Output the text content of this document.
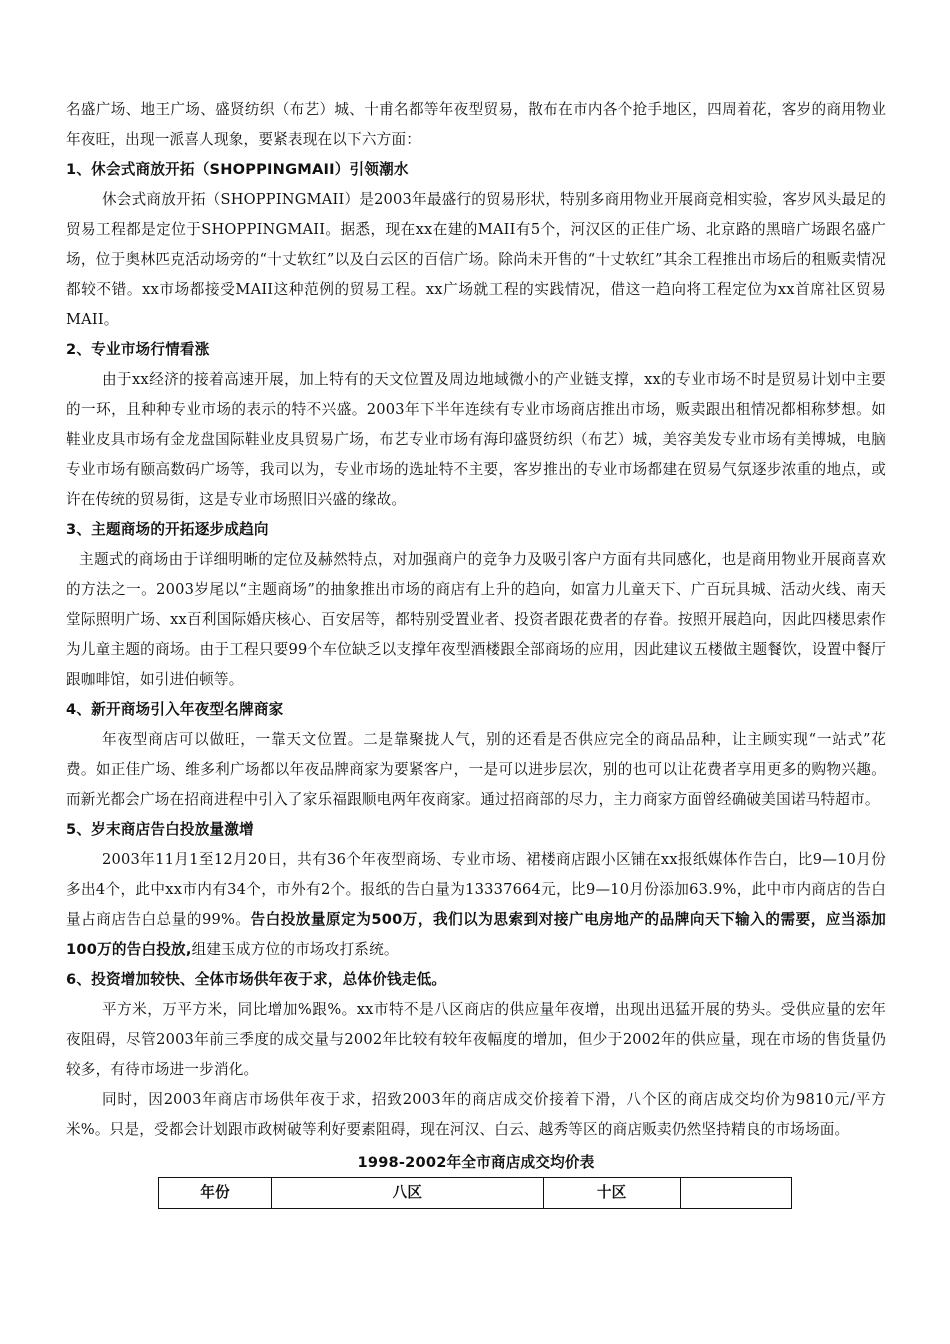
名盛广场、地王广场、盛贤纺织（布艺）城、十甫名都等年夜型贸易，散布在市内各个抢手地区，四周着花，客岁的商用物业年夜旺，出现一派喜人现象，要紧表现在以下六方面：

1、休会式商放开拓（SHOPPINGMAII）引领潮水

休会式商放开拓（SHOPPINGMAII）是2003年最盛行的贸易形状，特别多商用物业开展商竞相实验，客岁风头最足的贸易工程都是定位于SHOPPINGMAII。据悉，现在xx在建的MAII有5个，河汉区的正佳广场、北京路的黑暗广场跟名盛广场，位于奥林匹克活动场旁的“十丈软红”以及白云区的百信广场。除尚未开售的“十丈软红”其余工程推出市场后的租贩卖情况都较不错。xx市场都接受MAII这种范例的贸易工程。xx广场就工程的实践情况，借这一趋向将工程定位为xx首席社区贸易MAII。

2、专业市场行情看涨

由于xx经济的接着高速开展，加上特有的天文位置及周边地域微小的产业链支撑，xx的专业市场不时是贸易计划中主要的一环，且种种专业市场的表示的特不兴盛。2003年下半年连续有专业市场商店推出市场，贩卖跟出租情况都相称梦想。如鞋业皮具市场有金龙盘国际鞋业皮具贸易广场，布艺专业市场有海印盛贤纺织（布艺）城，美容美发专业市场有美博城，电脑专业市场有颐高数码广场等，我司以为，专业市场的选址特不主要，客岁推出的专业市场都建在贸易气氛逐步浓重的地点，或许在传统的贸易街，这是专业市场照旧兴盛的缘故。

3、主题商场的开拓逐步成趋向

主题式的商场由于详细明晰的定位及赫然特点，对加强商户的竞争力及吸引客户方面有共同感化，也是商用物业开展商喜欢的方法之一。2003岁尾以“主题商场”的抽象推出市场的商店有上升的趋向，如富力儿童天下、广百玩具城、活动火线、南天堂际照明广场、xx百利国际婚庆核心、百安居等，都特别受置业者、投资者跟花费者的存眷。按照开展趋向，因此四楼思索作为儿童主题的商场。由于工程只要99个车位缺乏以支撑年夜型酒楼跟全部商场的应用，因此建议五楼做主题餐饮，设置中餐厅跟咖啡馆，如引进伯顿等。

4、新开商场引入年夜型名牌商家

年夜型商店可以做旺，一靠天文位置。二是靠聚拢人气，别的还看是否供应完全的商品品种，让主顾实现“一站式”花费。如正佳广场、维多利广场都以年夜品牌商家为要紧客户，一是可以进步层次，别的也可以让花费者享用更多的购物兴趣。而新光都会广场在招商进程中引入了家乐福跟顺电两年夜商家。通过招商部的尽力，主力商家方面曾经确破美国诺马特超市。

5、岁末商店告白投放量激增

2003年11月1至12月20日，共有36个年夜型商场、专业市场、裙楼商店跟小区铺在xx报纸媒体作告白，比9—10月份多出4个，此中xx市内有34个，市外有2个。报纸的告白量为13337664元，比9—10月份添加63.9%，此中市内商店的告白量占商店告白总量的99%。告白投放量原定为500万，我们以为思索到对接广电房地产的品牌向天下输入的需要，应当添加100万的告白投放,组建玉成方位的市场攻打系统。

6、投资增加较快、全体市场供年夜于求，总体价钱走低。

平方米，万平方米，同比增加%跟%。xx市特不是八区商店的供应量年夜增，出现出迅猛开展的势头。受供应量的宏年夜阻碍，尽管2003年前三季度的成交量与2002年比较有较年夜幅度的增加，但少于2002年的供应量，现在市场的售货量仍较多，有待市场进一步消化。

同时，因2003年商店市场供年夜于求，招致2003年的商店成交价接着下滑，八个区的商店成交均价为9810元/平方米%。只是，受都会计划跟市政树破等利好要素阻碍，现在河汉、白云、越秀等区的商店贩卖仍然坚持精良的市场场面。

1998-2002年全市商店成交均价表

年份	八区	十区	
